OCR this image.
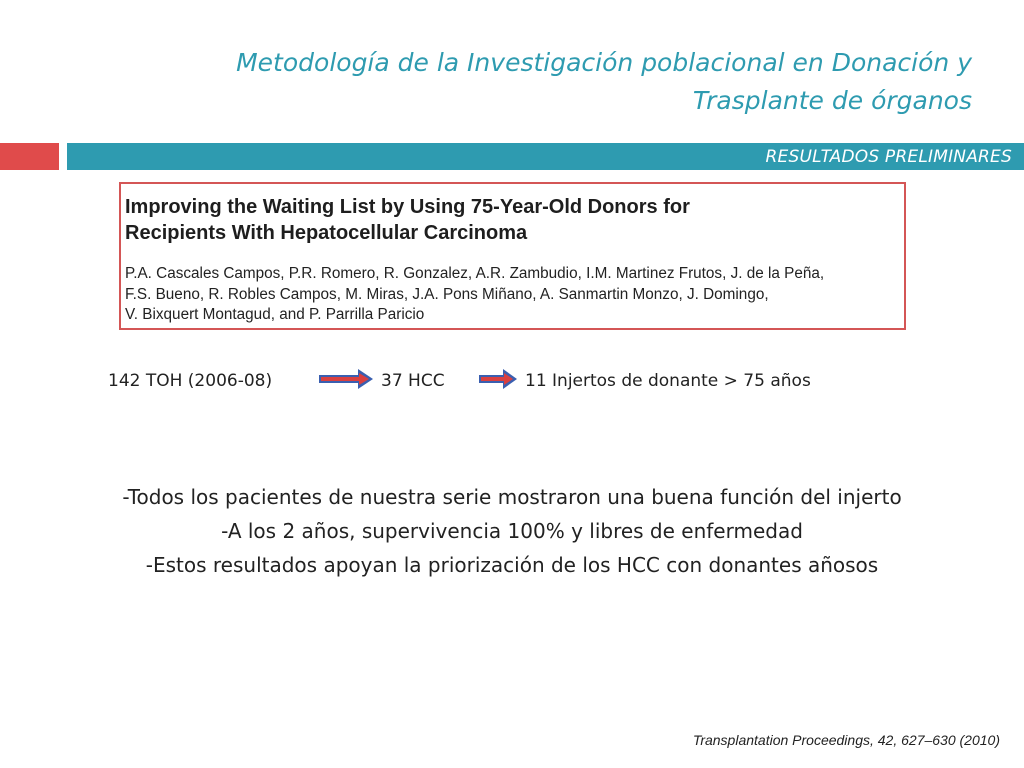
Metodología de la Investigación poblacional en Donación y
Trasplante de órganos
RESULTADOS PRELIMINARES
Improving the Waiting List by Using 75-Year-Old Donors for
Recipients With Hepatocellular Carcinoma
P.A. Cascales Campos, P.R. Romero, R. Gonzalez, A.R. Zambudio, I.M. Martinez Frutos, J. de la Peña,
F.S. Bueno, R. Robles Campos, M. Miras, J.A. Pons Miñano, A. Sanmartin Monzo, J. Domingo,
V. Bixquert Montagud, and P. Parrilla Paricio
142 TOH (2006-08)	37 HCC	11 Injertos de donante > 75 años
-Todos los pacientes de nuestra serie mostraron una buena función del injerto
-A los 2 años, supervivencia 100% y libres de enfermedad
-Estos resultados apoyan la priorización de los HCC con donantes añosos
Transplantation Proceedings, 42, 627–630 (2010)
